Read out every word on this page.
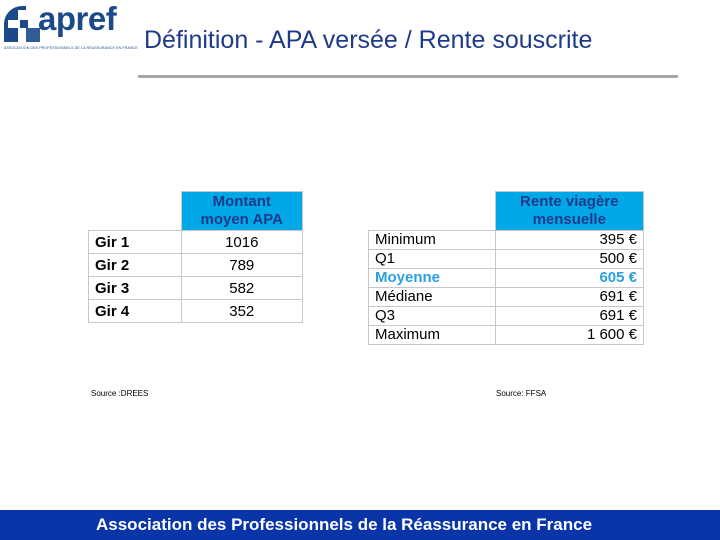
apref
ASSOCIATION DES PROFESSIONNELS DE LA RÉASSURANCE EN FRANCE Définition - APA versée / Rente souscrite

	Montant
moyen APA

Gir 1	1016
Gir 2	789
Gir 3	582
Gir 4	352

	Rente viagère
mensuelle

Minimum	395 €
Q1	500 €
Moyenne	605 €
Médiane	691 €
Q3	691 €
Maximum	1 600 €
Source :DREES	Source: FFSA
Association des Professionnels de la Réassurance en France
